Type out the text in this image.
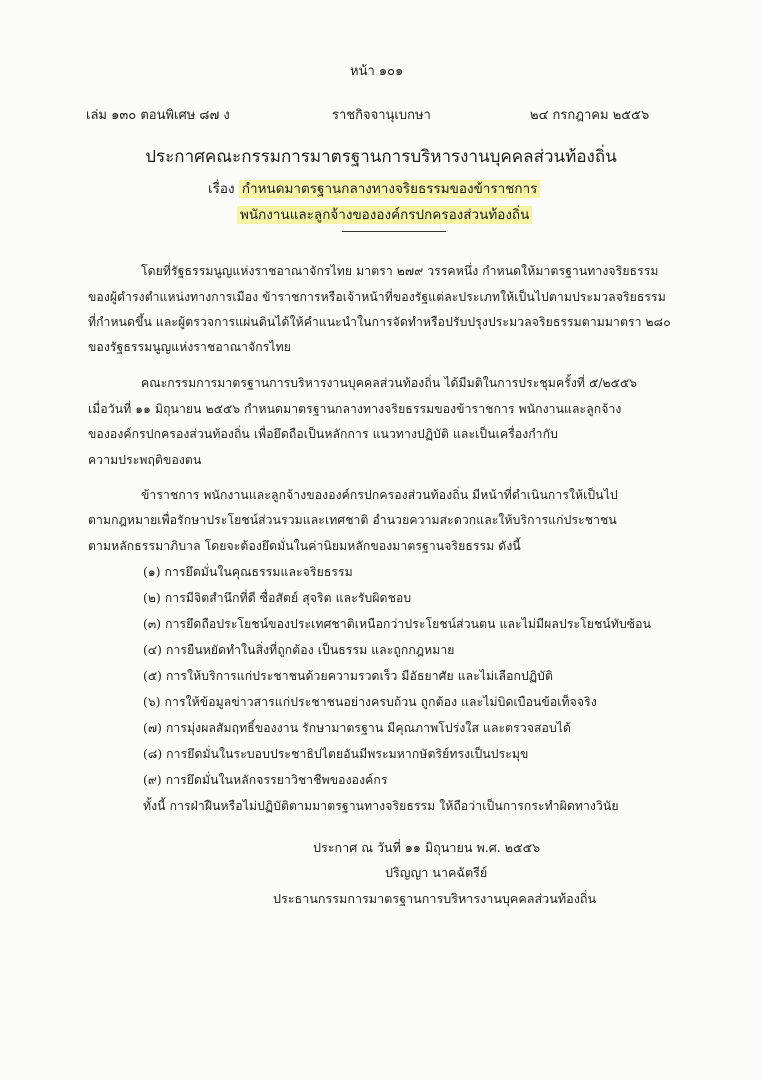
หน้า ๑๐๑
เล่ม ๑๓๐ ตอนพิเศษ ๘๗ ง	ราชกิจจานุเบกษา	๒๔ กรกฎาคม ๒๕๕๖
ประกาศคณะกรรมการมาตรฐานการบริหารงานบุคคลส่วนท้องถิ่น
เรื่อง กำหนดมาตรฐานกลางทางจริยธรรมของข้าราชการ
พนักงานและลูกจ้างขององค์กรปกครองส่วนท้องถิ่น
โดยที่รัฐธรรมนูญแห่งราชอาณาจักรไทย มาตรา ๒๗๙ วรรคหนึ่ง กำหนดให้มาตรฐานทางจริยธรรม
ของผู้ดำรงตำแหน่งทางการเมือง ข้าราชการหรือเจ้าหน้าที่ของรัฐแต่ละประเภทให้เป็นไปตามประมวลจริยธรรม
ที่กำหนดขึ้น และผู้ตรวจการแผ่นดินได้ให้คำแนะนำในการจัดทำหรือปรับปรุงประมวลจริยธรรมตามมาตรา ๒๘๐
ของรัฐธรรมนูญแห่งราชอาณาจักรไทย
คณะกรรมการมาตรฐานการบริหารงานบุคคลส่วนท้องถิ่น ได้มีมติในการประชุมครั้งที่ ๕/๒๕๕๖
เมื่อวันที่ ๑๑ มิถุนายน ๒๕๕๖ กำหนดมาตรฐานกลางทางจริยธรรมของข้าราชการ พนักงานและลูกจ้าง
ขององค์กรปกครองส่วนท้องถิ่น เพื่อยึดถือเป็นหลักการ แนวทางปฏิบัติ และเป็นเครื่องกำกับ
ความประพฤติของตน
ข้าราชการ พนักงานและลูกจ้างขององค์กรปกครองส่วนท้องถิ่น มีหน้าที่ดำเนินการให้เป็นไป
ตามกฎหมายเพื่อรักษาประโยชน์ส่วนรวมและเทศชาติ อำนวยความสะดวกและให้บริการแก่ประชาชน
ตามหลักธรรมาภิบาล โดยจะต้องยึดมั่นในค่านิยมหลักของมาตรฐานจริยธรรม ดังนี้
(๑) การยึดมั่นในคุณธรรมและจริยธรรม
(๒) การมีจิตสำนึกที่ดี ซื่อสัตย์ สุจริต และรับผิดชอบ
(๓) การยึดถือประโยชน์ของประเทศชาติเหนือกว่าประโยชน์ส่วนตน และไม่มีผลประโยชน์ทับซ้อน
(๔) การยืนหยัดทำในสิ่งที่ถูกต้อง เป็นธรรม และถูกกฎหมาย
(๕) การให้บริการแก่ประชาชนด้วยความรวดเร็ว มีอัธยาศัย และไม่เลือกปฏิบัติ
(๖) การให้ข้อมูลข่าวสารแก่ประชาชนอย่างครบถ้วน ถูกต้อง และไม่บิดเบือนข้อเท็จจริง
(๗) การมุ่งผลสัมฤทธิ์ของงาน รักษามาตรฐาน มีคุณภาพโปร่งใส และตรวจสอบได้
(๘) การยึดมั่นในระบอบประชาธิปไตยอันมีพระมหากษัตริย์ทรงเป็นประมุข
(๙) การยึดมั่นในหลักจรรยาวิชาชีพขององค์กร
ทั้งนี้ การฝ่าฝืนหรือไม่ปฏิบัติตามมาตรฐานทางจริยธรรม ให้ถือว่าเป็นการกระทำผิดทางวินัย
ประกาศ ณ วันที่ ๑๑ มิถุนายน พ.ศ. ๒๕๕๖
ปริญญา นาคฉัตรีย์
ประธานกรรมการมาตรฐานการบริหารงานบุคคลส่วนท้องถิ่น
